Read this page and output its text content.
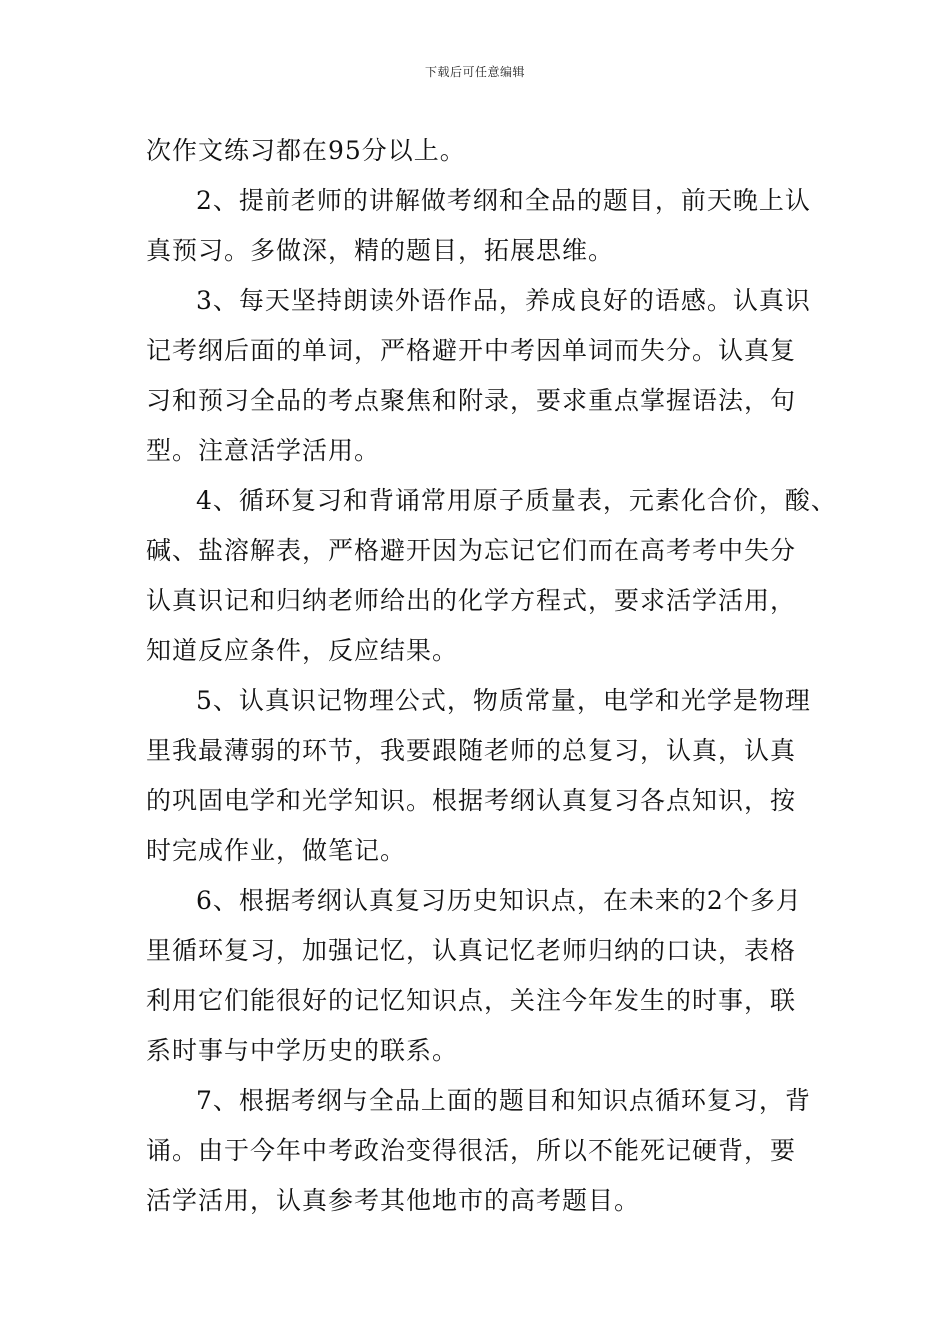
下载后可任意编辑
次作文练习都在95分以上。
2、提前老师的讲解做考纲和全品的题目，前天晚上认
真预习。多做深，精的题目，拓展思维。
3、每天坚持朗读外语作品，养成良好的语感。认真识
记考纲后面的单词，严格避开中考因单词而失分。认真复
习和预习全品的考点聚焦和附录，要求重点掌握语法，句
型。注意活学活用。
4、循环复习和背诵常用原子质量表，元素化合价，酸、
碱、盐溶解表，严格避开因为忘记它们而在高考考中失分
认真识记和归纳老师给出的化学方程式，要求活学活用，
知道反应条件，反应结果。
5、认真识记物理公式，物质常量，电学和光学是物理
里我最薄弱的环节，我要跟随老师的总复习，认真，认真
的巩固电学和光学知识。根据考纲认真复习各点知识，按
时完成作业，做笔记。
6、根据考纲认真复习历史知识点，在未来的2个多月
里循环复习，加强记忆，认真记忆老师归纳的口诀，表格
利用它们能很好的记忆知识点，关注今年发生的时事，联
系时事与中学历史的联系。
7、根据考纲与全品上面的题目和知识点循环复习，背
诵。由于今年中考政治变得很活，所以不能死记硬背，要
活学活用，认真参考其他地市的高考题目。
